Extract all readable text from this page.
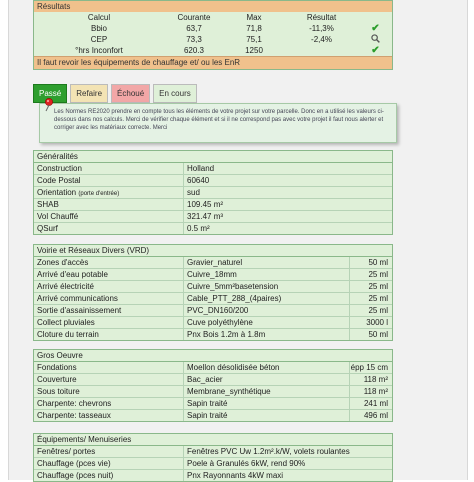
Résultats
Calcul	Courante	Max	Résultat
Bbio	63,7	71,8	-11,3%	✔
CEP	73,3	75,1	-2,4%
°hrs Inconfort	620.3	1250	✔
Il faut revoir les équipements de chauffage et/ ou les EnR
Passé	Refaire	Échoué	En cours
Les Normes RE2020 prendre en compte tous les éléments de votre projet sur votre parcelle. Donc en a utilisé les valeurs ci-dessous dans nos calculs. Merci de vérifier chaque élément et si il ne correspond pas avec votre projet il faut nous alerter et corriger avec les matériaux correcte. Merci
Généralités
Construction	Holland
Code Postal	60640
Orientation (porte d'entrée)	sud
SHAB	109.45 m²
Vol Chauffé	321.47 m³
QSurf	0.5 m²
Voirie et Réseaux Divers (VRD)
Zones d'accès	Gravier_naturel	50 ml
Arrivé d'eau potable	Cuivre_18mm	25 ml
Arrivé électricité	Cuivre_5mm²basetension	25 ml
Arrivé communications	Cable_PTT_288_(4paires)	25 ml
Sortie d'assainissement	PVC_DN160/200	25 ml
Collect pluviales	Cuve polyéthylène	3000 l
Cloture du terrain	Pnx Bois 1.2m à 1.8m	50 ml
Gros Oeuvre
Fondations	Moellon désolidisée béton	épp 15 cm
Couverture	Bac_acier	118 m²
Sous toiture	Membrane_synthétique	118 m²
Charpente: chevrons	Sapin traité	241 ml
Charpente: tasseaux	Sapin traité	496 ml
Équipements/ Menuiseries
Fenêtres/ portes	Fenêtres PVC Uw 1.2m².k/W, volets roulantes
Chauffage (pces vie)	Poele à Granulés 6kW, rend 90%
Chauffage (pces nuit)	Pnx Rayonnants 4kW maxi
